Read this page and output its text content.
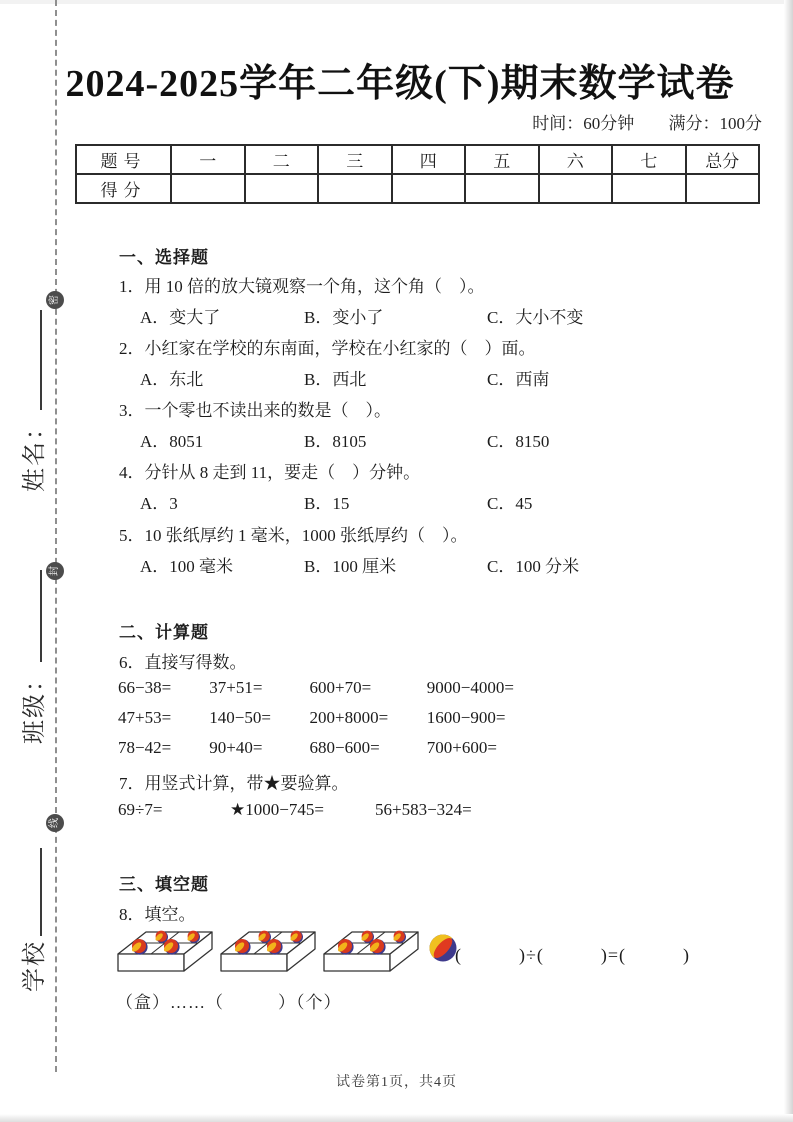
密
封
线
姓名：
班级：
学校
2024-2025学年二年级(下)期末数学试卷
时间：60分钟 满分：100分
题号	一	二	三	四	五	六	七	总分
得分								
一、选择题
1．用 10 倍的放大镜观察一个角，这个角（　）。
A．变大了	B．变小了	C．大小不变
2．小红家在学校的东南面，学校在小红家的（　）面。
A．东北	B．西北	C．西南
3．一个零也不读出来的数是（　）。
A．8051	B．8105	C．8150
4．分针从 8 走到 11，要走（　）分钟。
A．3	B．15	C．45
5．10 张纸厚约 1 毫米，1000 张纸厚约（　）。
A．100 毫米	B．100 厘米	C．100 分米
二、计算题
6．直接写得数。
66−38= 37+51=	600+70=	9000−4000=
47+53= 140−50= 200+8000= 1600−900=
78−42= 90+40=	680−600=	700+600=
7．用竖式计算，带★要验算。
69÷7=	★1000−745=	56+583−324=
三、填空题
8．填空。
(　　　)÷(　　　)=(　　　)
（盒）……（　　　）（个）
试卷第1页，共4页
